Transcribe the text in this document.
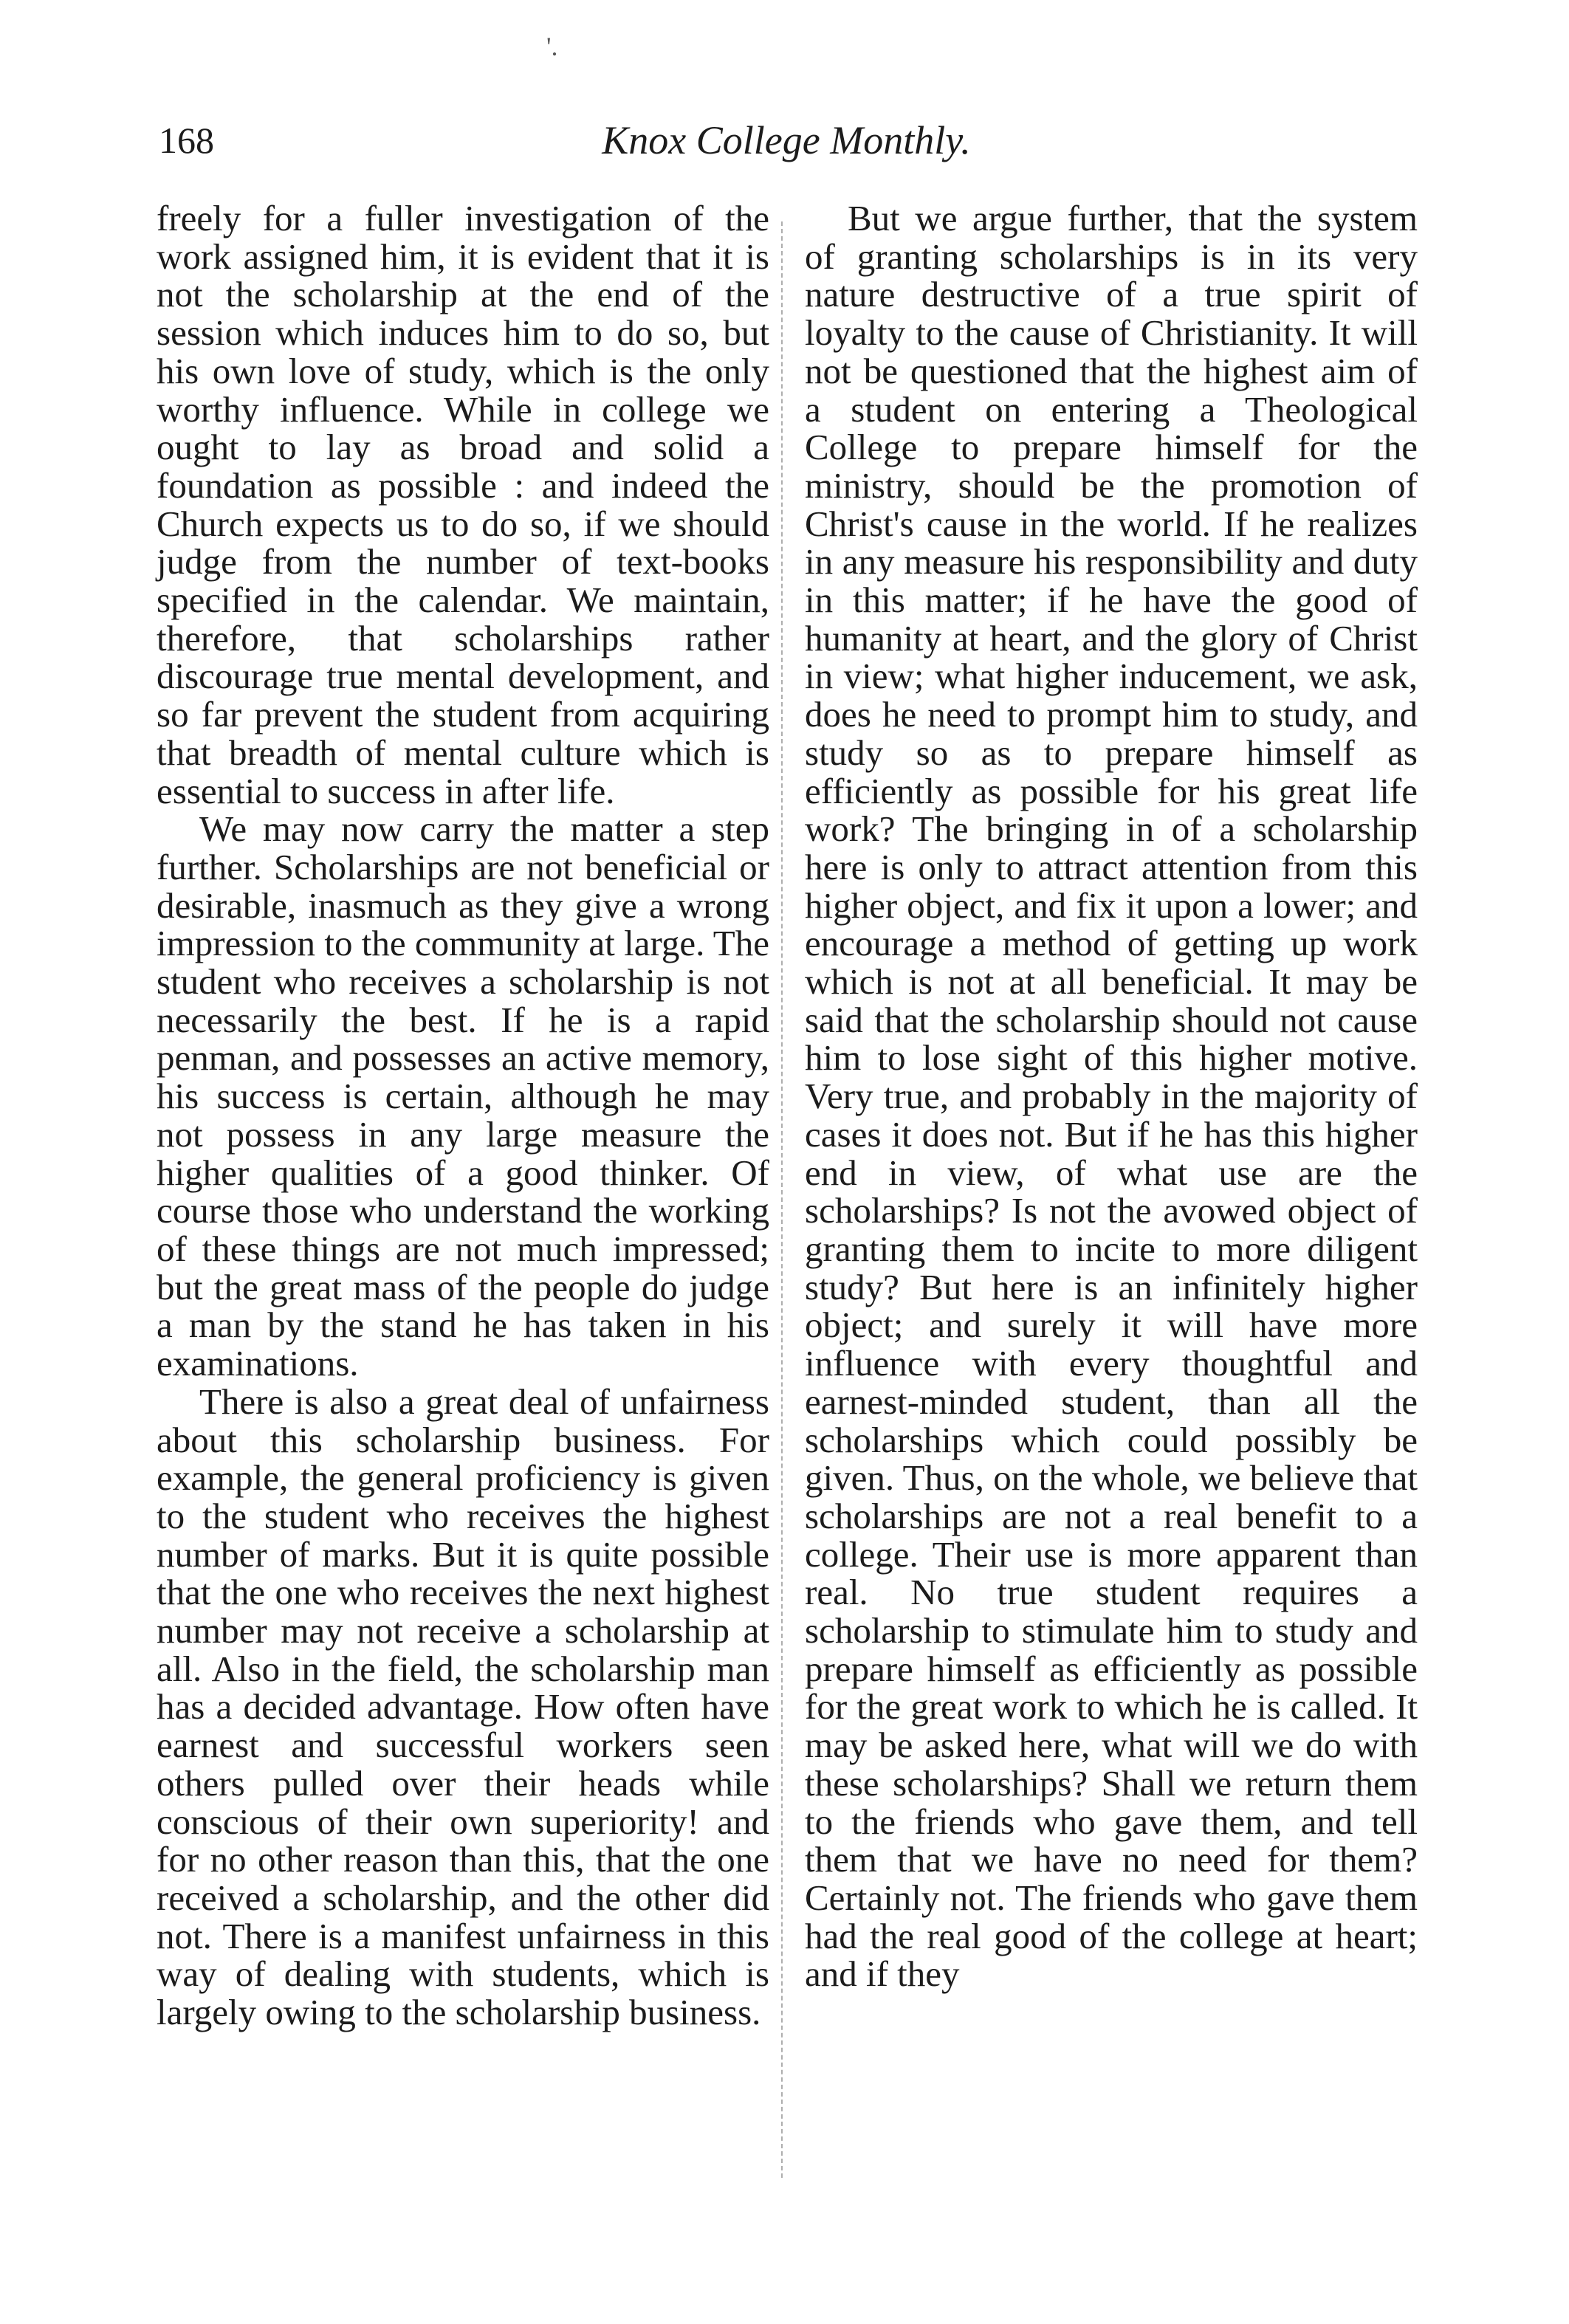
'.
168	Knox College Monthly.

freely for a fuller investigation of the work assigned him, it is evident that it is not the scholarship at the end of the session which induces him to do so, but his own love of study, which is the only worthy influence. While in college we ought to lay as broad and solid a foundation as possible : and indeed the Church expects us to do so, if we should judge from the number of text-books specified in the calendar. We maintain, therefore, that scholarships rather discourage true mental development, and so far prevent the student from acquiring that breadth of mental culture which is essential to success in after life.

We may now carry the matter a step further. Scholarships are not beneficial or desirable, inasmuch as they give a wrong impression to the community at large. The student who receives a scholarship is not necessarily the best. If he is a rapid penman, and possesses an active memory, his success is certain, although he may not possess in any large measure the higher qualities of a good thinker. Of course those who understand the working of these things are not much impressed; but the great mass of the people do judge a man by the stand he has taken in his examinations.

There is also a great deal of unfairness about this scholarship business. For example, the general proficiency is given to the student who receives the highest number of marks. But it is quite possible that the one who receives the next highest number may not receive a scholarship at all. Also in the field, the scholarship man has a decided advantage. How often have earnest and successful workers seen others pulled over their heads while conscious of their own superiority! and for no other reason than this, that the one received a scholarship, and the other did not. There is a manifest unfairness in this way of dealing with students, which is largely owing to the scholarship business.

But we argue further, that the system of granting scholarships is in its very nature destructive of a true spirit of loyalty to the cause of Christianity. It will not be questioned that the highest aim of a student on entering a Theological College to prepare himself for the ministry, should be the promotion of Christ's cause in the world. If he realizes in any measure his responsibility and duty in this matter; if he have the good of humanity at heart, and the glory of Christ in view; what higher inducement, we ask, does he need to prompt him to study, and study so as to prepare himself as efficiently as possible for his great life work? The bringing in of a scholarship here is only to attract attention from this higher object, and fix it upon a lower; and encourage a method of getting up work which is not at all beneficial. It may be said that the scholarship should not cause him to lose sight of this higher motive. Very true, and probably in the majority of cases it does not. But if he has this higher end in view, of what use are the scholarships? Is not the avowed object of granting them to incite to more diligent study? But here is an infinitely higher object; and surely it will have more influence with every thoughtful and earnest-minded student, than all the scholarships which could possibly be given. Thus, on the whole, we believe that scholarships are not a real benefit to a college. Their use is more apparent than real. No true student requires a scholarship to stimulate him to study and prepare himself as efficiently as possible for the great work to which he is called. It may be asked here, what will we do with these scholarships? Shall we return them to the friends who gave them, and tell them that we have no need for them? Certainly not. The friends who gave them had the real good of the college at heart; and if they
